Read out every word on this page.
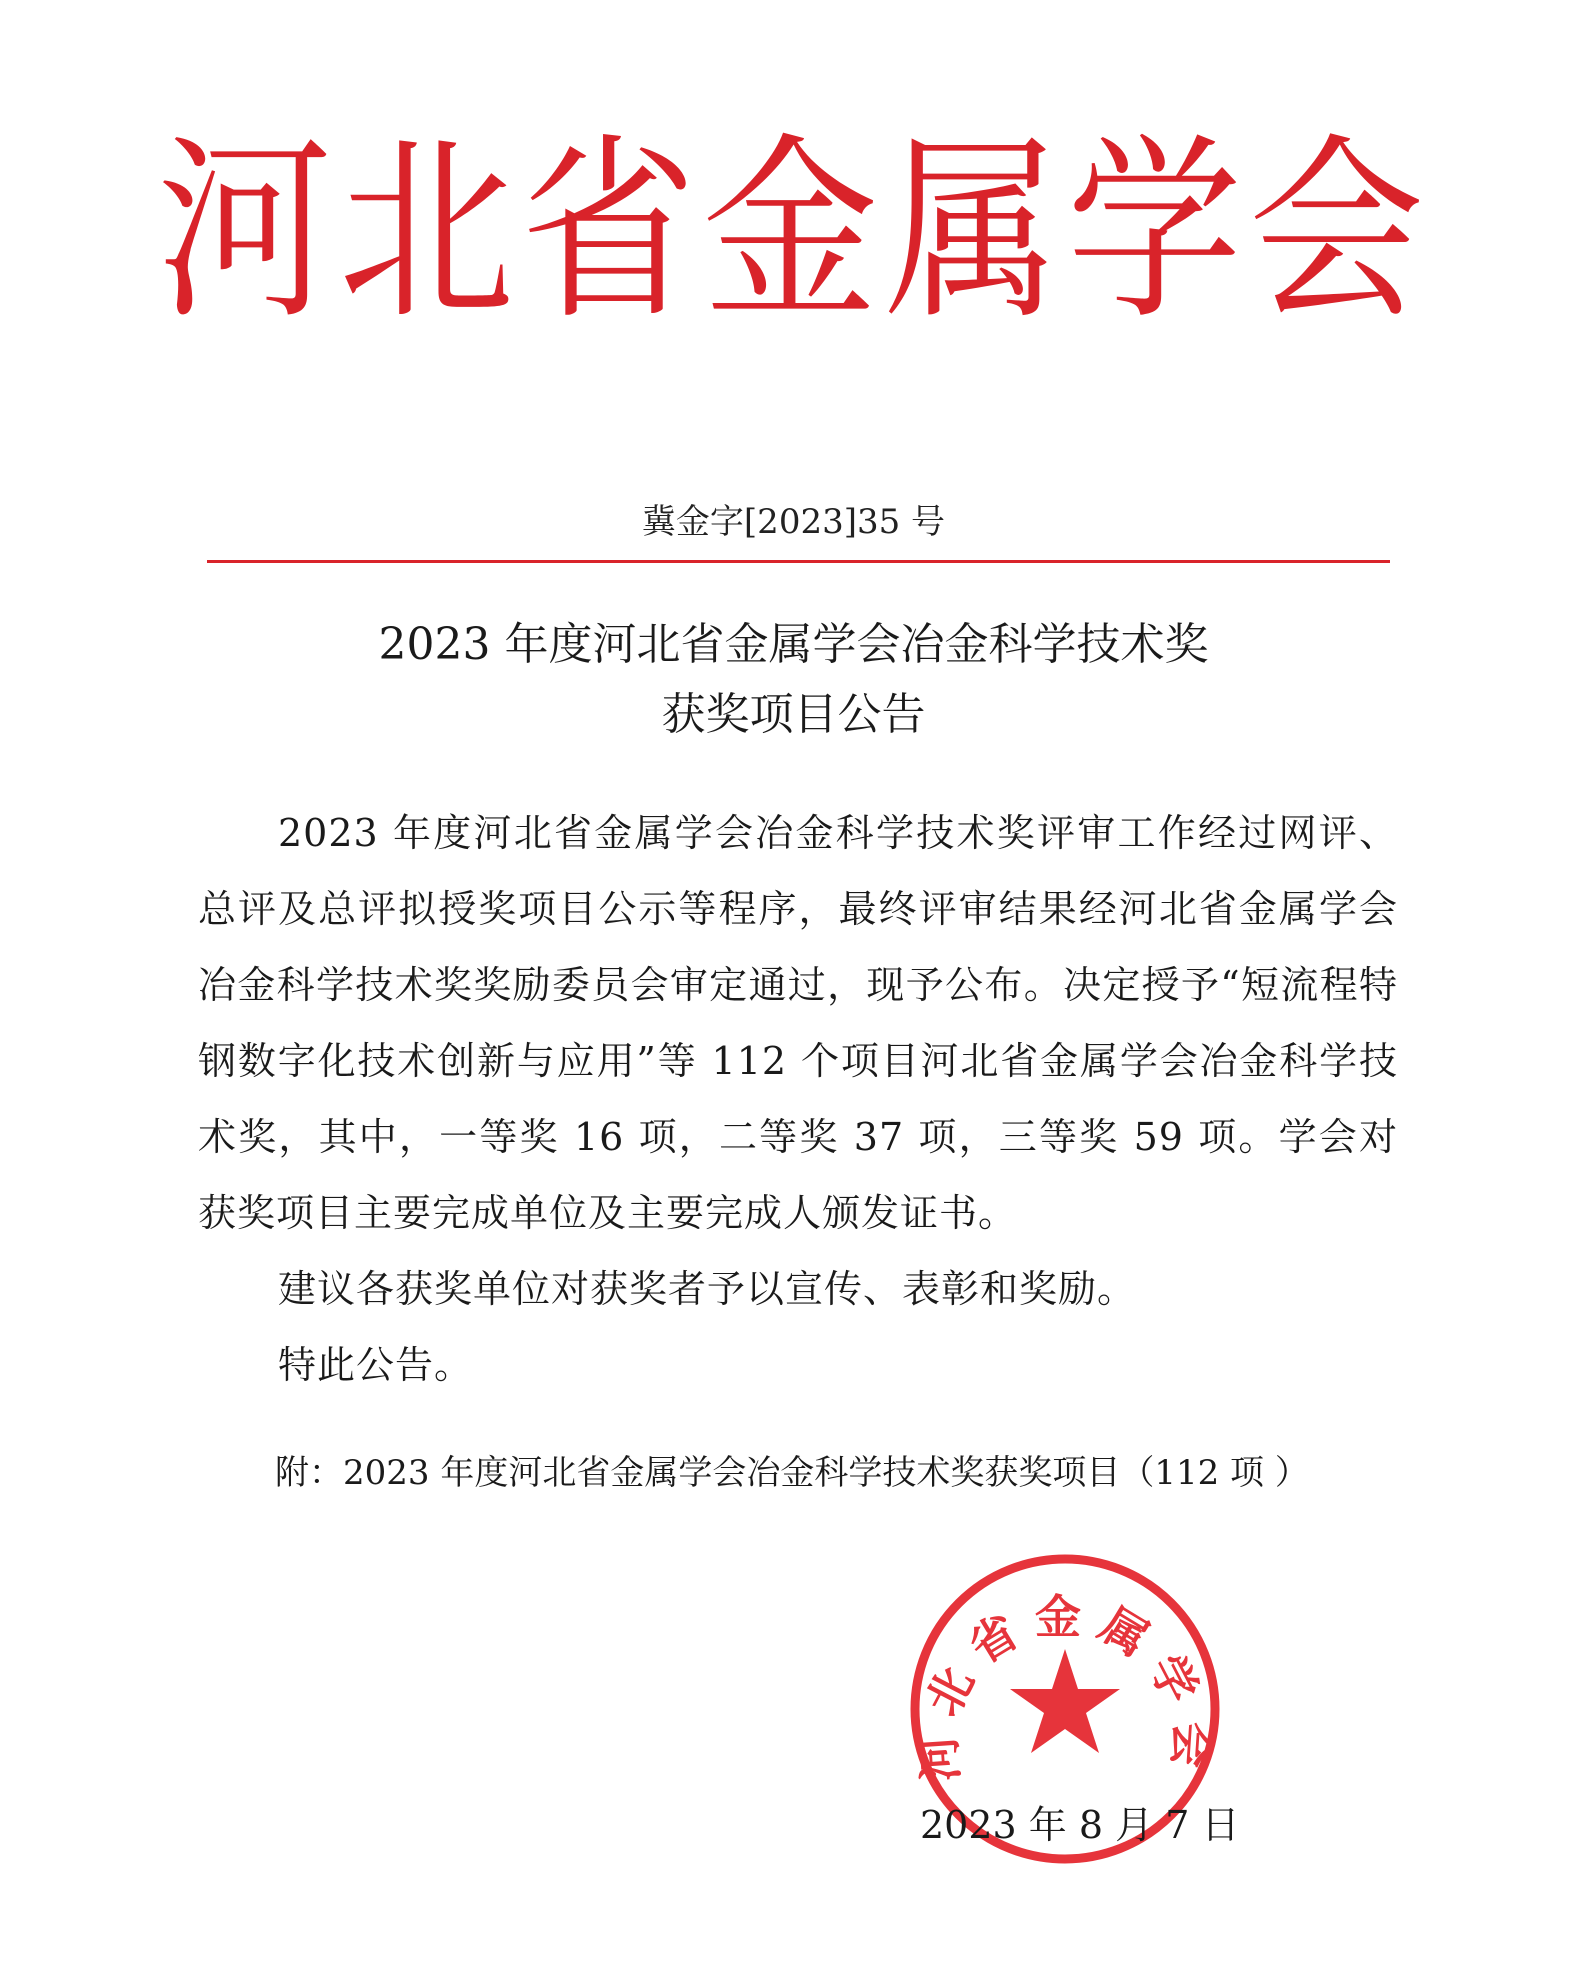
河北省金属学会
冀金字[2023]35 号
2023 年度河北省金属学会冶金科学技术奖
获奖项目公告

2023 年度河北省金属学会冶金科学技术奖评审工作经过网评、总评及总评拟授奖项目公示等程序，最终评审结果经河北省金属学会冶金科学技术奖奖励委员会审定通过，现予公布。决定授予“短流程特钢数字化技术创新与应用”等 112 个项目河北省金属学会冶金科学技术奖，其中，一等奖 16 项，二等奖 37 项，三等奖 59 项。学会对获奖项目主要完成单位及主要完成人颁发证书。

建议各获奖单位对获奖者予以宣传、表彰和奖励。

特此公告。

附：2023 年度河北省金属学会冶金科学技术奖获奖项目（112 项 ）
河北省金属学会
2023 年 8 月 7 日
